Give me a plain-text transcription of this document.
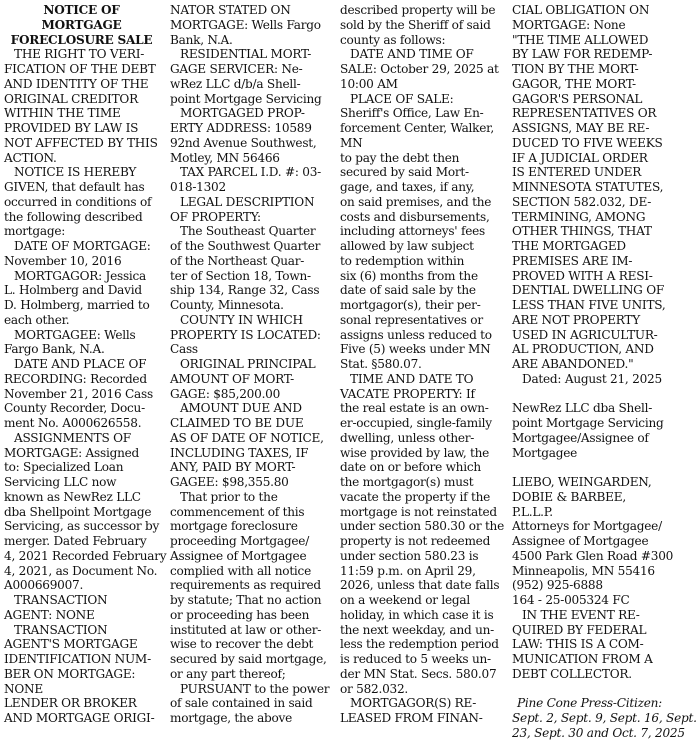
NOTICE OF
MORTGAGE
FORECLOSURE SALE
THE RIGHT TO VERI-
FICATION OF THE DEBT
AND IDENTITY OF THE
ORIGINAL CREDITOR
WITHIN THE TIME
PROVIDED BY LAW IS
NOT AFFECTED BY THIS
ACTION.
NOTICE IS HEREBY
GIVEN, that default has
occurred in conditions of
the following described
mortgage:
DATE OF MORTGAGE:
November 10, 2016
MORTGAGOR: Jessica
L. Holmberg and David
D. Holmberg, married to
each other.
MORTGAGEE: Wells
Fargo Bank, N.A.
DATE AND PLACE OF
RECORDING: Recorded
November 21, 2016 Cass
County Recorder, Docu-
ment No. A000626558.
ASSIGNMENTS OF
MORTGAGE: Assigned
to: Specialized Loan
Servicing LLC now
known as NewRez LLC
dba Shellpoint Mortgage
Servicing, as successor by
merger. Dated February
4, 2021 Recorded February
4, 2021, as Document No.
A000669007.
TRANSACTION
AGENT: NONE
TRANSACTION
AGENT'S MORTGAGE
IDENTIFICATION NUM-
BER ON MORTGAGE:
NONE
LENDER OR BROKER
AND MORTGAGE ORIGI-
NATOR STATED ON
MORTGAGE: Wells Fargo
Bank, N.A.
RESIDENTIAL MORT-
GAGE SERVICER: Ne-
wRez LLC d/b/a Shell-
point Mortgage Servicing
MORTGAGED PROP-
ERTY ADDRESS: 10589
92nd Avenue Southwest,
Motley, MN 56466
TAX PARCEL I.D. #: 03-
018-1302
LEGAL DESCRIPTION
OF PROPERTY:
The Southeast Quarter
of the Southwest Quarter
of the Northeast Quar-
ter of Section 18, Town-
ship 134, Range 32, Cass
County, Minnesota.
COUNTY IN WHICH
PROPERTY IS LOCATED:
Cass
ORIGINAL PRINCIPAL
AMOUNT OF MORT-
GAGE: $85,200.00
AMOUNT DUE AND
CLAIMED TO BE DUE
AS OF DATE OF NOTICE,
INCLUDING TAXES, IF
ANY, PAID BY MORT-
GAGEE: $98,355.80
That prior to the
commencement of this
mortgage foreclosure
proceeding Mortgagee/
Assignee of Mortgagee
complied with all notice
requirements as required
by statute; That no action
or proceeding has been
instituted at law or other-
wise to recover the debt
secured by said mortgage,
or any part thereof;
PURSUANT to the power
of sale contained in said
mortgage, the above
described property will be
sold by the Sheriff of said
county as follows:
DATE AND TIME OF
SALE: October 29, 2025 at
10:00 AM
PLACE OF SALE:
Sheriff's Office, Law En-
forcement Center, Walker,
MN
to pay the debt then
secured by said Mort-
gage, and taxes, if any,
on said premises, and the
costs and disbursements,
including attorneys' fees
allowed by law subject
to redemption within
six (6) months from the
date of said sale by the
mortgagor(s), their per-
sonal representatives or
assigns unless reduced to
Five (5) weeks under MN
Stat. §580.07.
TIME AND DATE TO
VACATE PROPERTY: If
the real estate is an own-
er-occupied, single-family
dwelling, unless other-
wise provided by law, the
date on or before which
the mortgagor(s) must
vacate the property if the
mortgage is not reinstated
under section 580.30 or the
property is not redeemed
under section 580.23 is
11:59 p.m. on April 29,
2026, unless that date falls
on a weekend or legal
holiday, in which case it is
the next weekday, and un-
less the redemption period
is reduced to 5 weeks un-
der MN Stat. Secs. 580.07
or 582.032.
MORTGAGOR(S) RE-
LEASED FROM FINAN-
CIAL OBLIGATION ON
MORTGAGE: None
"THE TIME ALLOWED
BY LAW FOR REDEMP-
TION BY THE MORT-
GAGOR, THE MORT-
GAGOR'S PERSONAL
REPRESENTATIVES OR
ASSIGNS, MAY BE RE-
DUCED TO FIVE WEEKS
IF A JUDICIAL ORDER
IS ENTERED UNDER
MINNESOTA STATUTES,
SECTION 582.032, DE-
TERMINING, AMONG
OTHER THINGS, THAT
THE MORTGAGED
PREMISES ARE IM-
PROVED WITH A RESI-
DENTIAL DWELLING OF
LESS THAN FIVE UNITS,
ARE NOT PROPERTY
USED IN AGRICULTUR-
AL PRODUCTION, AND
ARE ABANDONED."
Dated: August 21, 2025
NewRez LLC dba Shell-
point Mortgage Servicing
Mortgagee/Assignee of
Mortgagee
LIEBO, WEINGARDEN,
DOBIE & BARBEE,
P.L.L.P.
Attorneys for Mortgagee/
Assignee of Mortgagee
4500 Park Glen Road #300
Minneapolis, MN 55416
(952) 925-6888
164 - 25-005324 FC
IN THE EVENT RE-
QUIRED BY FEDERAL
LAW: THIS IS A COM-
MUNICATION FROM A
DEBT COLLECTOR.
Pine Cone Press-Citizen:
Sept. 2, Sept. 9, Sept. 16, Sept.
23, Sept. 30 and Oct. 7, 2025
